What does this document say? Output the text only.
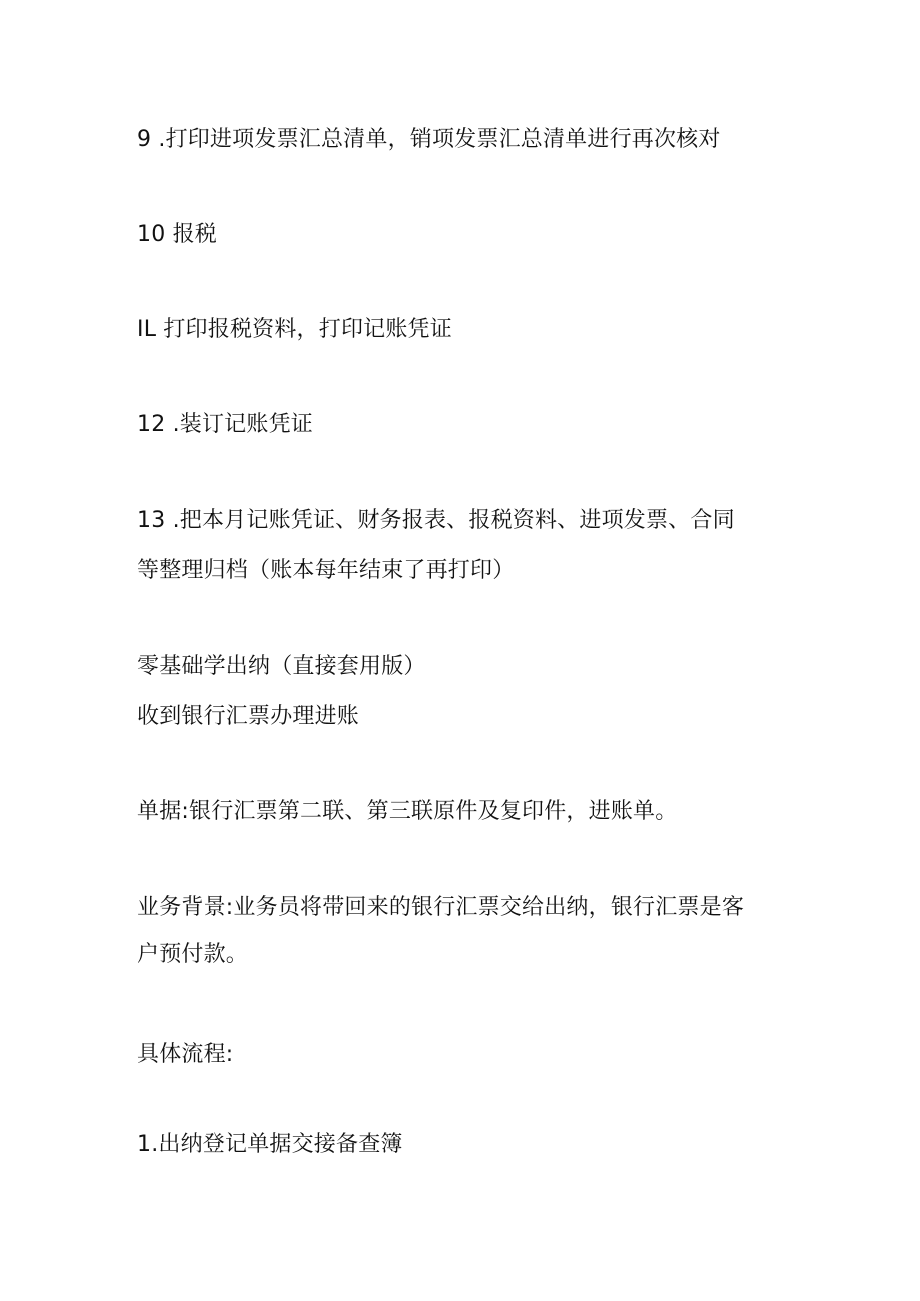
9 .打印进项发票汇总清单，销项发票汇总清单进行再次核对
10 报税
IL 打印报税资料，打印记账凭证
12 .装订记账凭证
13 .把本月记账凭证、财务报表、报税资料、进项发票、合同
等整理归档（账本每年结束了再打印）
零基础学出纳（直接套用版）
收到银行汇票办理进账
单据:银行汇票第二联、第三联原件及复印件，进账单。
业务背景:业务员将带回来的银行汇票交给出纳，银行汇票是客
户预付款。
具体流程:
1.出纳登记单据交接备查簿
